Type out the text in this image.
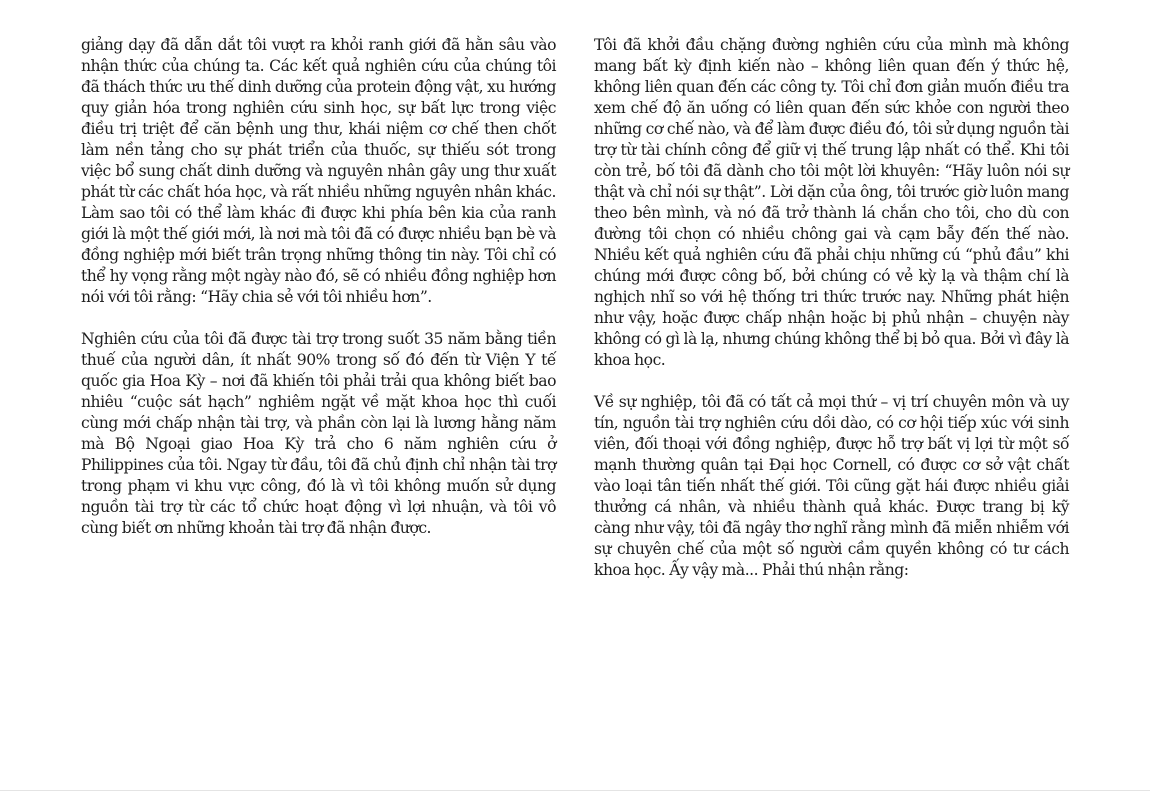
giảng dạy đã dẫn dắt tôi vượt ra khỏi ranh giới đã hằn sâu vào nhận thức của chúng ta. Các kết quả nghiên cứu của chúng tôi đã thách thức ưu thế dinh dưỡng của protein động vật, xu hướng quy giản hóa trong nghiên cứu sinh học, sự bất lực trong việc điều trị triệt để căn bệnh ung thư, khái niệm cơ chế then chốt làm nền tảng cho sự phát triển của thuốc, sự thiếu sót trong việc bổ sung chất dinh dưỡng và nguyên nhân gây ung thư xuất phát từ các chất hóa học, và rất nhiều những nguyên nhân khác. Làm sao tôi có thể làm khác đi được khi phía bên kia của ranh giới là một thế giới mới, là nơi mà tôi đã có được nhiều bạn bè và đồng nghiệp mới biết trân trọng những thông tin này. Tôi chỉ có thể hy vọng rằng một ngày nào đó, sẽ có nhiều đồng nghiệp hơn nói với tôi rằng: “Hãy chia sẻ với tôi nhiều hơn”.

Nghiên cứu của tôi đã được tài trợ trong suốt 35 năm bằng tiền thuế của người dân, ít nhất 90% trong số đó đến từ Viện Y tế quốc gia Hoa Kỳ – nơi đã khiến tôi phải trải qua không biết bao nhiêu “cuộc sát hạch” nghiêm ngặt về mặt khoa học thì cuối cùng mới chấp nhận tài trợ, và phần còn lại là lương hằng năm mà Bộ Ngoại giao Hoa Kỳ trả cho 6 năm nghiên cứu ở Philippines của tôi. Ngay từ đầu, tôi đã chủ định chỉ nhận tài trợ trong phạm vi khu vực công, đó là vì tôi không muốn sử dụng nguồn tài trợ từ các tổ chức hoạt động vì lợi nhuận, và tôi vô cùng biết ơn những khoản tài trợ đã nhận được.

Tôi đã khởi đầu chặng đường nghiên cứu của mình mà không mang bất kỳ định kiến nào – không liên quan đến ý thức hệ, không liên quan đến các công ty. Tôi chỉ đơn giản muốn điều tra xem chế độ ăn uống có liên quan đến sức khỏe con người theo những cơ chế nào, và để làm được điều đó, tôi sử dụng nguồn tài trợ từ tài chính công để giữ vị thế trung lập nhất có thể. Khi tôi còn trẻ, bố tôi đã dành cho tôi một lời khuyên: “Hãy luôn nói sự thật và chỉ nói sự thật”. Lời dặn của ông, tôi trước giờ luôn mang theo bên mình, và nó đã trở thành lá chắn cho tôi, cho dù con đường tôi chọn có nhiều chông gai và cạm bẫy đến thế nào. Nhiều kết quả nghiên cứu đã phải chịu những cú “phủ đầu” khi chúng mới được công bố, bởi chúng có vẻ kỳ lạ và thậm chí là nghịch nhĩ so với hệ thống tri thức trước nay. Những phát hiện như vậy, hoặc được chấp nhận hoặc bị phủ nhận – chuyện này không có gì là lạ, nhưng chúng không thể bị bỏ qua. Bởi vì đây là khoa học.

Về sự nghiệp, tôi đã có tất cả mọi thứ – vị trí chuyên môn và uy tín, nguồn tài trợ nghiên cứu dồi dào, có cơ hội tiếp xúc với sinh viên, đối thoại với đồng nghiệp, được hỗ trợ bất vị lợi từ một số mạnh thường quân tại Đại học Cornell, có được cơ sở vật chất vào loại tân tiến nhất thế giới. Tôi cũng gặt hái được nhiều giải thưởng cá nhân, và nhiều thành quả khác. Được trang bị kỹ càng như vậy, tôi đã ngây thơ nghĩ rằng mình đã miễn nhiễm với sự chuyên chế của một số người cầm quyền không có tư cách khoa học. Ấy vậy mà... Phải thú nhận rằng:
